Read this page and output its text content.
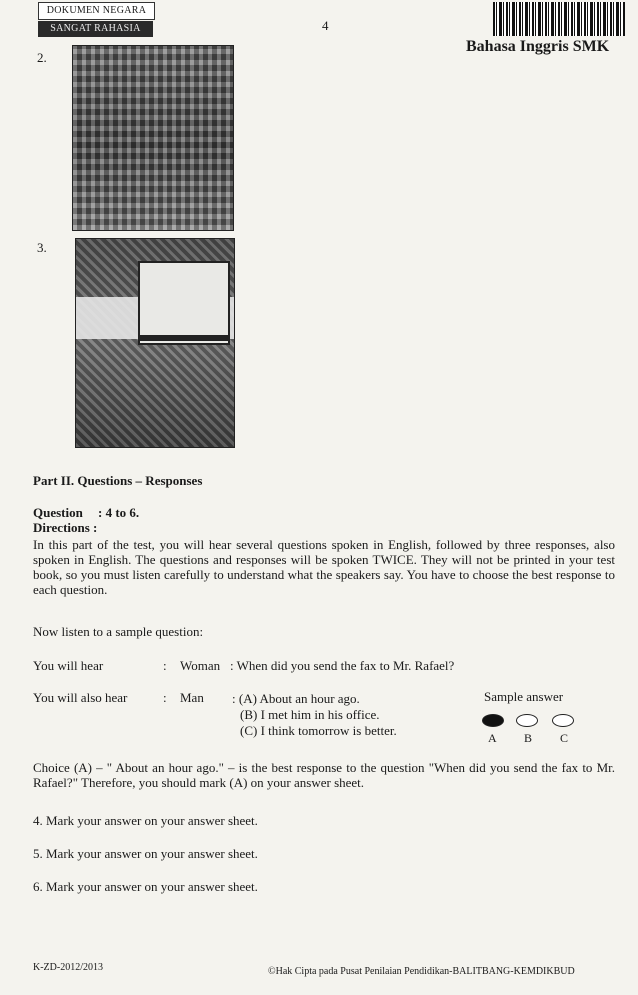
DOKUMEN NEGARA
SANGAT RAHASIA	4
Bahasa Inggris SMK
2.
3.
Part II. Questions – Responses
Question : 4 to 6.
Directions :
In this part of the test, you will hear several questions spoken in English, followed by three responses, also spoken in English. The questions and responses will be spoken TWICE. They will not be printed in your test book, so you must listen carefully to understand what the speakers say. You have to choose the best response to each question.
Now listen to a sample question:
You will hear	: Woman : When did you send the fax to Mr. Rafael?
You will also hear	: Man : (A) About an hour ago.
(B) I met him in his office.
(C) I think tomorrow is better.
Sample answer
A B C
Choice (A) – " About an hour ago." – is the best response to the question "When did you send the fax to Mr. Rafael?" Therefore, you should mark (A) on your answer sheet.
4. Mark your answer on your answer sheet.
5. Mark your answer on your answer sheet.
6. Mark your answer on your answer sheet.
K-ZD-2012/2013	©Hak Cipta pada Pusat Penilaian Pendidikan-BALITBANG-KEMDIKBUD
